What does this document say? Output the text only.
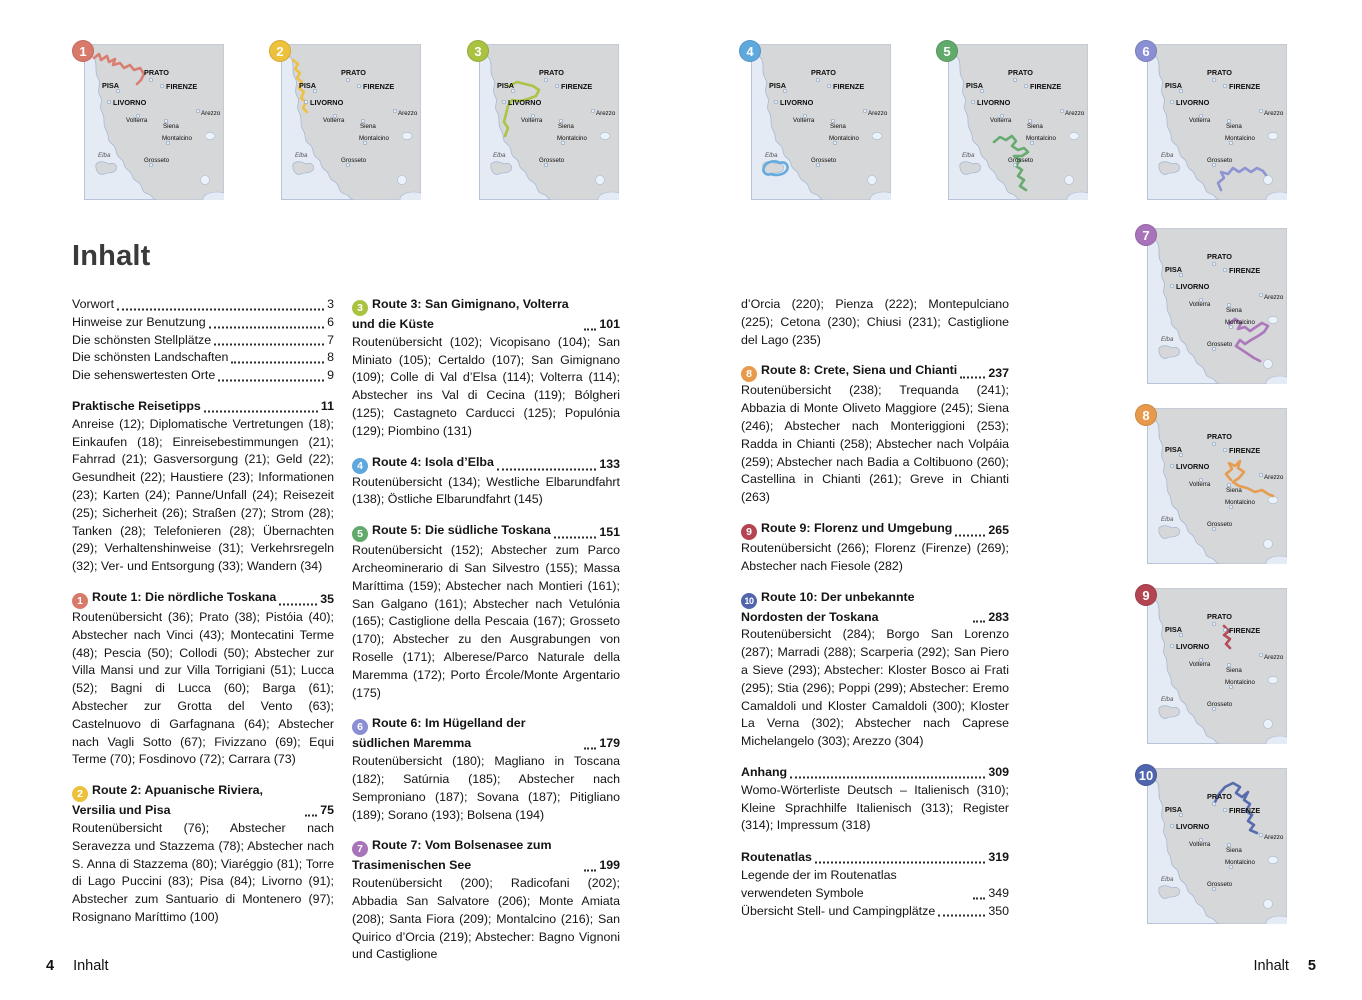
Inhalt
PRATO
FIRENZE
PISA
LIVORNO
Volterra
Arezzo
Siena
Montalcino
Grosseto
Elba
1
PRATO
FIRENZE
PISA
LIVORNO
Volterra
Arezzo
Siena
Montalcino
Grosseto
Elba
2
PRATO
FIRENZE
PISA
LIVORNO
Volterra
Arezzo
Siena
Montalcino
Grosseto
Elba
3
PRATO
FIRENZE
PISA
LIVORNO
Volterra
Arezzo
Siena
Montalcino
Grosseto
Elba
4
PRATO
FIRENZE
PISA
LIVORNO
Volterra
Arezzo
Siena
Montalcino
Grosseto
Elba
5
PRATO
FIRENZE
PISA
LIVORNO
Volterra
Arezzo
Siena
Montalcino
Grosseto
Elba
6
PRATO
FIRENZE
PISA
LIVORNO
Volterra
Arezzo
Siena
Montalcino
Grosseto
Elba
7
PRATO
FIRENZE
PISA
LIVORNO
Volterra
Arezzo
Siena
Montalcino
Grosseto
Elba
8
PRATO
FIRENZE
PISA
LIVORNO
Volterra
Arezzo
Siena
Montalcino
Grosseto
Elba
9
PRATO
FIRENZE
PISA
LIVORNO
Volterra
Arezzo
Siena
Montalcino
Grosseto
Elba
10
Vorwort	3
Hinweise zur Benutzung	6
Die schönsten Stellplätze	7
Die schönsten Landschaften	8
Die sehenswertesten Orte	9
Praktische Reisetipps	11

Anreise (12); Diplomatische Vertretungen (18); Einkaufen (18); Einreisebestimmungen (21); Fahrrad (21); Gasversorgung (21); Geld (22); Gesundheit (22); Haustiere (23); Informationen (23); Karten (24); Panne/Unfall (24); Reisezeit (25); Sicherheit (26); Straßen (27); Strom (28); Tanken (28); Telefonieren (28); Übernachten (29); Verhaltenshinweise (31); Verkehrsregeln (32); Ver- und Entsorgung (33); Wandern (34)

1 Route 1: Die nördliche Toskana	35

Routenübersicht (36); Prato (38); Pistóia (40); Abstecher nach Vinci (43); Montecatini Terme (48); Pescia (50); Collodi (50); Abstecher zur Villa Mansi und zur Villa Torrigiani (51); Lucca (52); Bagni di Lucca (60); Barga (61); Abstecher zur Grotta del Vento (63); Castelnuovo di Garfagnana (64); Abstecher nach Vagli Sotto (67); Fivizzano (69); Equi Terme (70); Fosdinovo (72); Carrara (73)

2 Route 2: Apuanische Riviera, Versilia und Pisa	75

Routenübersicht (76); Abstecher nach Seravezza und Stazzema (78); Abstecher nach S. Anna di Stazzema (80); Viaréggio (81); Torre di Lago Puccini (83); Pisa (84); Livorno (91); Abstecher zum Santuario di Montenero (97); Rosignano Maríttimo (100)

3 Route 3: San Gimignano, Volterra und die Küste	101

Routenübersicht (102); Vicopisano (104); San Miniato (105); Certaldo (107); San Gimignano (109); Colle di Val d’Elsa (114); Volterra (114); Abstecher ins Val di Cecina (119); Bólgheri (125); Castagneto Carducci (125); Populónia (129); Piombino (131)

4 Route 4: Isola d’Elba	133

Routenübersicht (134); Westliche Elbarundfahrt (138); Östliche Elbarundfahrt (145)

5 Route 5: Die südliche Toskana	151

Routenübersicht (152); Abstecher zum Parco Archeominerario di San Silvestro (155); Massa Maríttima (159); Abstecher nach Montieri (161); San Galgano (161); Abstecher nach Vetulónia (165); Castiglione della Pescaia (167); Grosseto (170); Abstecher zu den Ausgrabungen von Roselle (171); Alberese/Parco Naturale della Maremma (172); Porto Ércole/Monte Argentario (175)

6 Route 6: Im Hügelland der südlichen Maremma	179

Routenübersicht (180); Magliano in Toscana (182); Satúrnia (185); Abstecher nach Semproniano (187); Sovana (187); Pitigliano (189); Sorano (193); Bolsena (194)

7 Route 7: Vom Bolsenasee zum Trasimenischen See	199

Routenübersicht (200); Radicofani (202); Abbadia San Salvatore (206); Monte Amiata (208); Santa Fiora (209); Montalcino (216); San Quirico d’Orcia (219); Abstecher: Bagno Vignoni und Castiglione

d’Orcia (220); Pienza (222); Montepulciano (225); Cetona (230); Chiusi (231); Castiglione del Lago (235)

8 Route 8: Crete, Siena und Chianti	237

Routenübersicht (238); Trequanda (241); Abbazia di Monte Oliveto Maggiore (245); Siena (246); Abstecher nach Monteriggioni (253); Radda in Chianti (258); Abstecher nach Volpáia (259); Abstecher nach Badia a Coltibuono (260); Castellina in Chianti (261); Greve in Chianti (263)

9 Route 9: Florenz und Umgebung	265

Routenübersicht (266); Florenz (Firenze) (269); Abstecher nach Fiesole (282)

10 Route 10: Der unbekannte Nordosten der Toskana	283

Routenübersicht (284); Borgo San Lorenzo (287); Marradi (288); Scarperia (292); San Piero a Sieve (293); Abstecher: Kloster Bosco ai Frati (295); Stia (296); Poppi (299); Abstecher: Eremo Camaldoli und Kloster Camaldoli (300); Kloster La Verna (302); Abstecher nach Caprese Michelangelo (303); Arezzo (304)

Anhang	309

Womo-Wörterliste Deutsch – Italienisch (310); Kleine Sprachhilfe Italienisch (313); Register (314); Impressum (318)

Routenatlas	319
Legende der im Routenatlas verwendeten Symbole	349
Übersicht Stell- und Campingplätze	350
4 Inhalt	Inhalt 5
